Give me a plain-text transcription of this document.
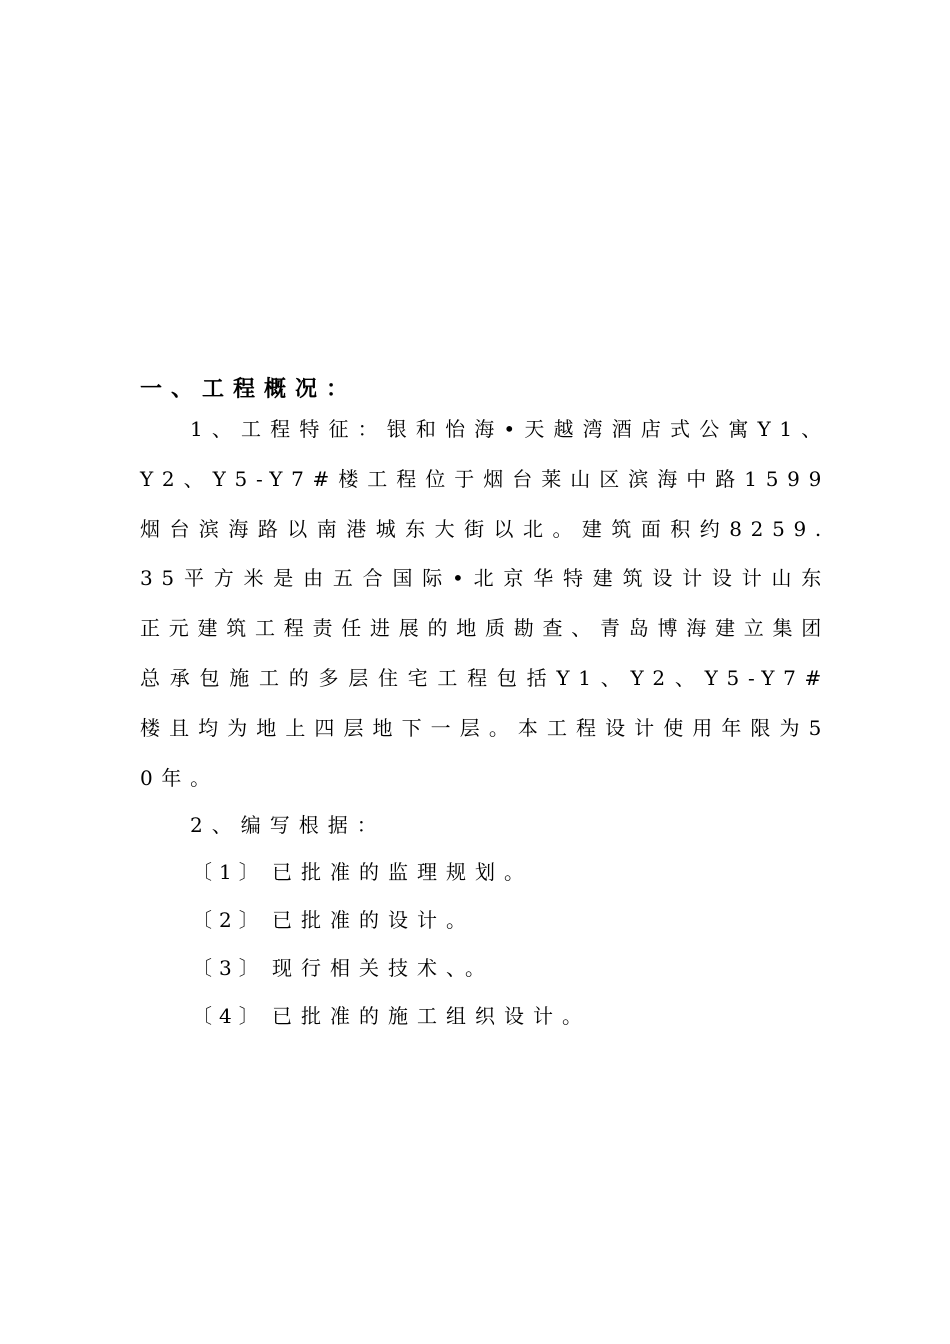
一、工程概况：
1、工程特征：银和怡海•天越湾酒店式公寓Y1、Y2、Y5-Y7#楼工程位于烟台莱山区滨海中路1599烟台滨海路以南港城东大街以北。建筑面积约8259.35平方米是由五合国际•北京华特建筑设计设计山东正元建筑工程责任进展的地质勘查、青岛博海建立集团总承包施工的多层住宅工程包括Y1、Y2、Y5-Y7#楼且均为地上四层地下一层。本工程设计使用年限为50年。
2、编写根据：
〔1〕 已批准的监理规划。
〔2〕 已批准的设计。
〔3〕 现行相关技术、。
〔4〕 已批准的施工组织设计。
